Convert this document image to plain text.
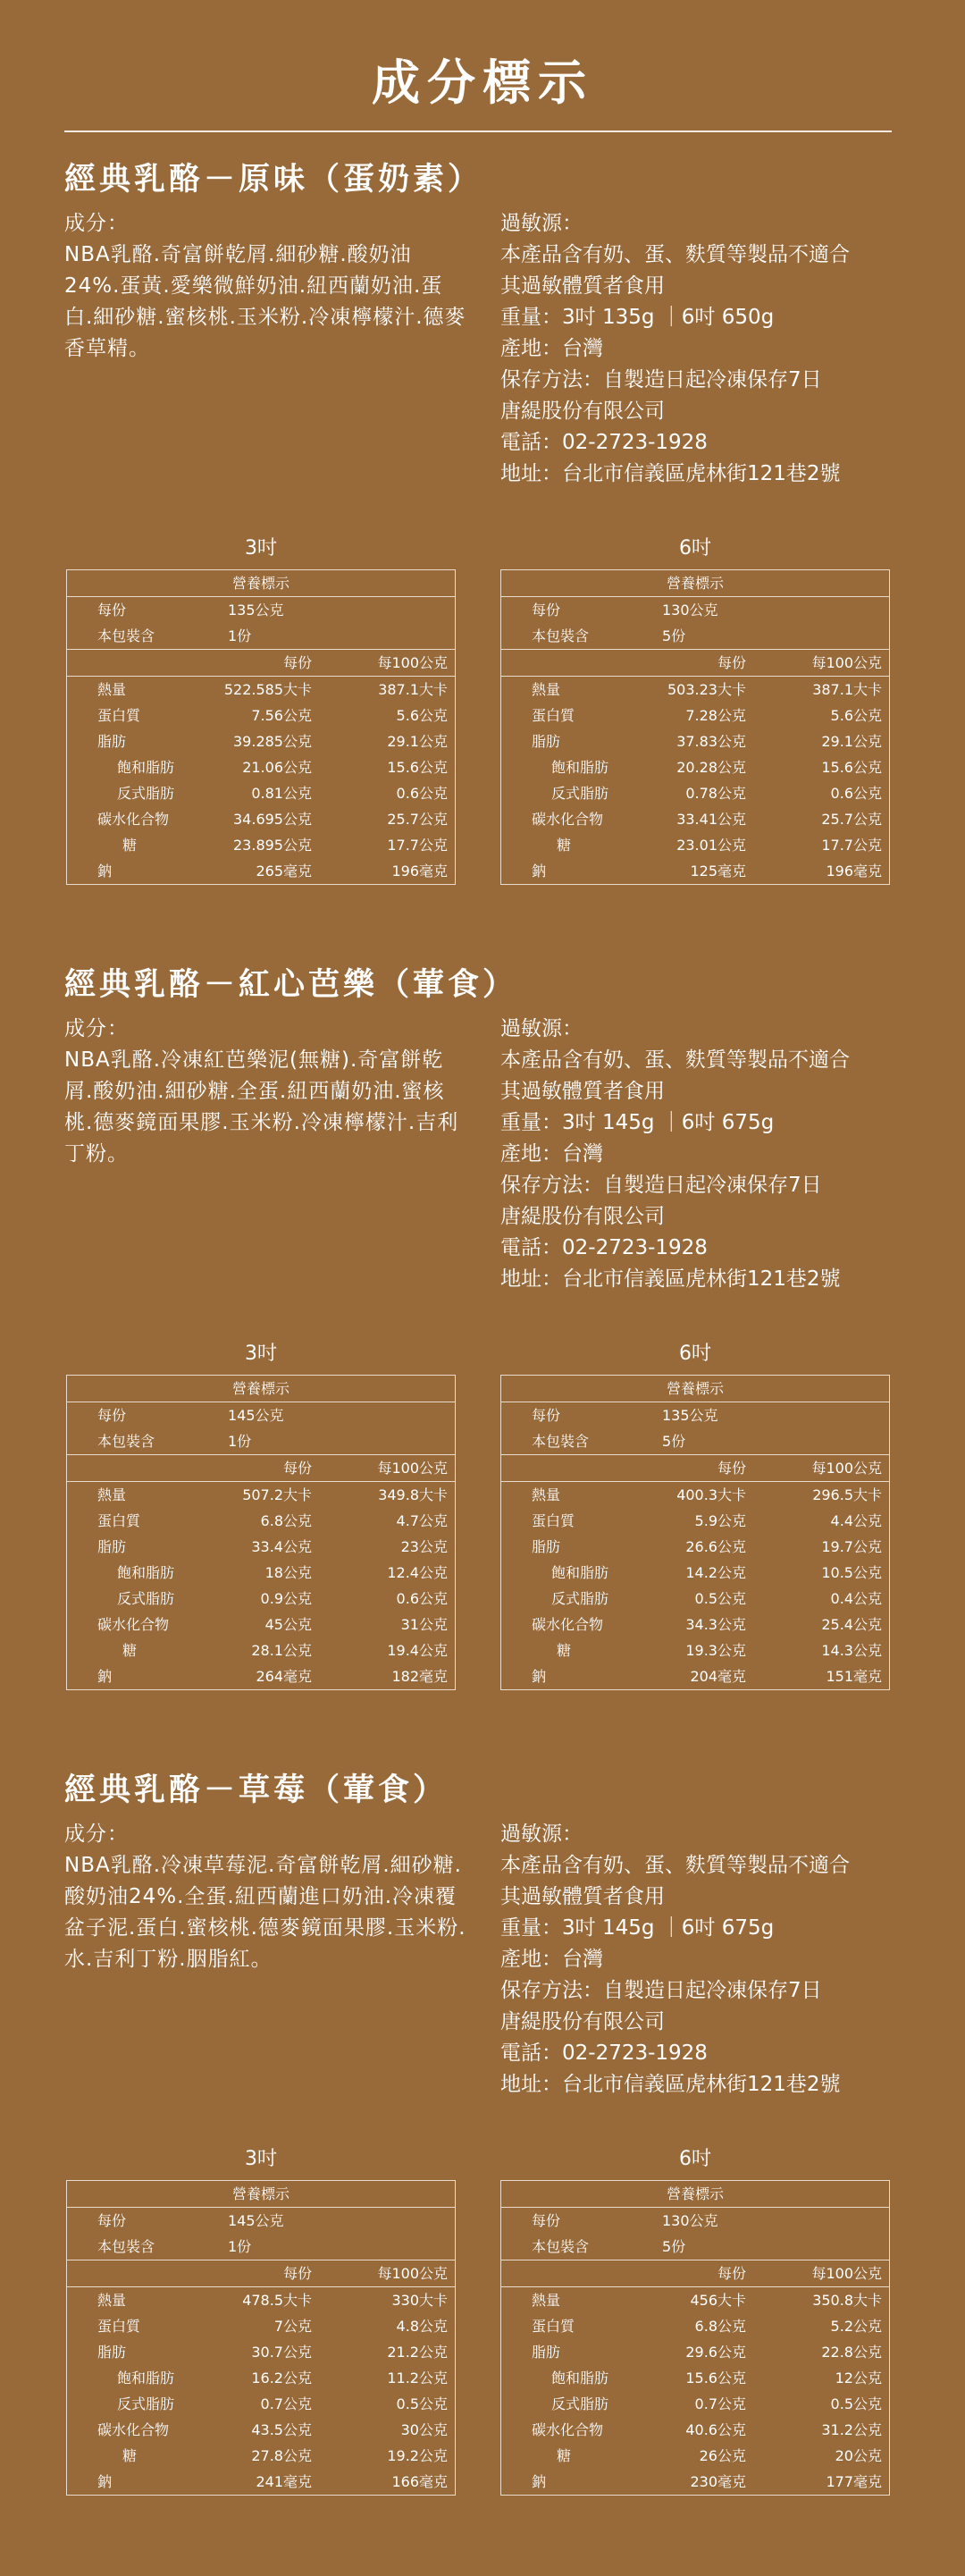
成分標示
經典乳酪－原味（蛋奶素）
成分：
NBA乳酪.奇富餅乾屑.細砂糖.酸奶油24%.蛋黃.愛樂微鮮奶油.紐西蘭奶油.蛋白.細砂糖.蜜核桃.玉米粉.冷凍檸檬汁.德麥香草精。
過敏源：
本產品含有奶、蛋、麩質等製品不適合
其過敏體質者食用
重量：3吋 135g ｜6吋 650g
產地：台灣
保存方法：自製造日起冷凍保存7日
唐緹股份有限公司
電話：02-2723-1928
地址：台北市信義區虎林街121巷2號
3吋
營養標示
每份	135公克
本包裝含	1份
每份	每100公克
熱量	522.585大卡	387.1大卡
蛋白質	7.56公克	5.6公克
脂肪	39.285公克	29.1公克
飽和脂肪	21.06公克	15.6公克
反式脂肪	0.81公克	0.6公克
碳水化合物	34.695公克	25.7公克
糖	23.895公克	17.7公克
鈉	265毫克	196毫克
6吋
營養標示
每份	130公克
本包裝含	5份
每份	每100公克
熱量	503.23大卡	387.1大卡
蛋白質	7.28公克	5.6公克
脂肪	37.83公克	29.1公克
飽和脂肪	20.28公克	15.6公克
反式脂肪	0.78公克	0.6公克
碳水化合物	33.41公克	25.7公克
糖	23.01公克	17.7公克
鈉	125毫克	196毫克
經典乳酪－紅心芭樂（葷食）
成分：
NBA乳酪.冷凍紅芭樂泥(無糖).奇富餅乾屑.酸奶油.細砂糖.全蛋.紐西蘭奶油.蜜核桃.德麥鏡面果膠.玉米粉.冷凍檸檬汁.吉利丁粉。
過敏源：
本產品含有奶、蛋、麩質等製品不適合
其過敏體質者食用
重量：3吋 145g ｜6吋 675g
產地：台灣
保存方法：自製造日起冷凍保存7日
唐緹股份有限公司
電話：02-2723-1928
地址：台北市信義區虎林街121巷2號
3吋
營養標示
每份	145公克
本包裝含	1份
每份	每100公克
熱量	507.2大卡	349.8大卡
蛋白質	6.8公克	4.7公克
脂肪	33.4公克	23公克
飽和脂肪	18公克	12.4公克
反式脂肪	0.9公克	0.6公克
碳水化合物	45公克	31公克
糖	28.1公克	19.4公克
鈉	264毫克	182毫克
6吋
營養標示
每份	135公克
本包裝含	5份
每份	每100公克
熱量	400.3大卡	296.5大卡
蛋白質	5.9公克	4.4公克
脂肪	26.6公克	19.7公克
飽和脂肪	14.2公克	10.5公克
反式脂肪	0.5公克	0.4公克
碳水化合物	34.3公克	25.4公克
糖	19.3公克	14.3公克
鈉	204毫克	151毫克
經典乳酪－草莓（葷食）
成分：
NBA乳酪.冷凍草莓泥.奇富餅乾屑.細砂糖.酸奶油24%.全蛋.紐西蘭進口奶油.冷凍覆盆子泥.蛋白.蜜核桃.德麥鏡面果膠.玉米粉.水.吉利丁粉.胭脂紅。
過敏源：
本產品含有奶、蛋、麩質等製品不適合
其過敏體質者食用
重量：3吋 145g ｜6吋 675g
產地：台灣
保存方法：自製造日起冷凍保存7日
唐緹股份有限公司
電話：02-2723-1928
地址：台北市信義區虎林街121巷2號
3吋
營養標示
每份	145公克
本包裝含	1份
每份	每100公克
熱量	478.5大卡	330大卡
蛋白質	7公克	4.8公克
脂肪	30.7公克	21.2公克
飽和脂肪	16.2公克	11.2公克
反式脂肪	0.7公克	0.5公克
碳水化合物	43.5公克	30公克
糖	27.8公克	19.2公克
鈉	241毫克	166毫克
6吋
營養標示
每份	130公克
本包裝含	5份
每份	每100公克
熱量	456大卡	350.8大卡
蛋白質	6.8公克	5.2公克
脂肪	29.6公克	22.8公克
飽和脂肪	15.6公克	12公克
反式脂肪	0.7公克	0.5公克
碳水化合物	40.6公克	31.2公克
糖	26公克	20公克
鈉	230毫克	177毫克
